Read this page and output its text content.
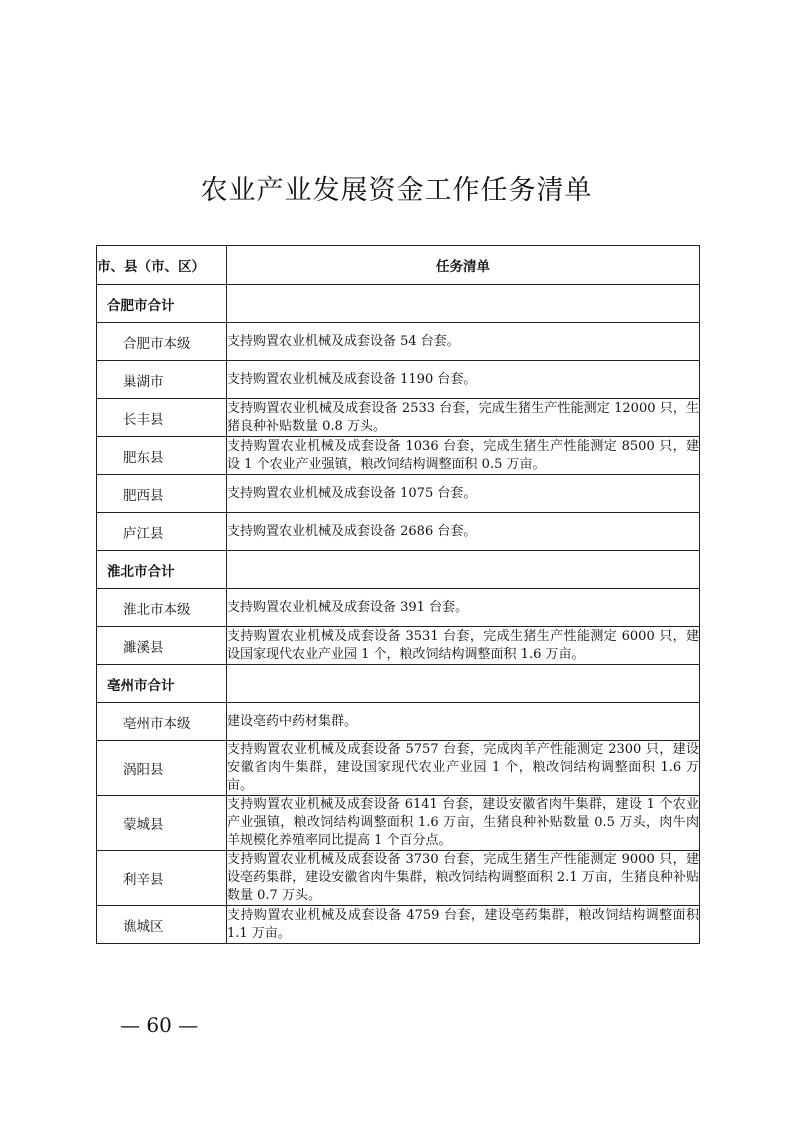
农业产业发展资金工作任务清单
市、县（市、区）	任务清单
合肥市合计	
合肥市本级	支持购置农业机械及成套设备 54 台套。
巢湖市	支持购置农业机械及成套设备 1190 台套。
长丰县	支持购置农业机械及成套设备 2533 台套，完成生猪生产性能测定 12000 只，生猪良种补贴数量 0.8 万头。
肥东县	支持购置农业机械及成套设备 1036 台套，完成生猪生产性能测定 8500 只，建设 1 个农业产业强镇，粮改饲结构调整面积 0.5 万亩。
肥西县	支持购置农业机械及成套设备 1075 台套。
庐江县	支持购置农业机械及成套设备 2686 台套。
淮北市合计	
淮北市本级	支持购置农业机械及成套设备 391 台套。
濉溪县	支持购置农业机械及成套设备 3531 台套，完成生猪生产性能测定 6000 只，建设国家现代农业产业园 1 个，粮改饲结构调整面积 1.6 万亩。
亳州市合计	
亳州市本级	建设亳药中药材集群。
涡阳县	支持购置农业机械及成套设备 5757 台套，完成肉羊产性能测定 2300 只，建设安徽省肉牛集群，建设国家现代农业产业园 1 个，粮改饲结构调整面积 1.6 万亩。
蒙城县	支持购置农业机械及成套设备 6141 台套，建设安徽省肉牛集群，建设 1 个农业产业强镇，粮改饲结构调整面积 1.6 万亩，生猪良种补贴数量 0.5 万头，肉牛肉羊规模化养殖率同比提高 1 个百分点。
利辛县	支持购置农业机械及成套设备 3730 台套，完成生猪生产性能测定 9000 只，建设亳药集群，建设安徽省肉牛集群，粮改饲结构调整面积 2.1 万亩，生猪良种补贴数量 0.7 万头。
谯城区	支持购置农业机械及成套设备 4759 台套，建设亳药集群，粮改饲结构调整面积 1.1 万亩。
— 60 —
